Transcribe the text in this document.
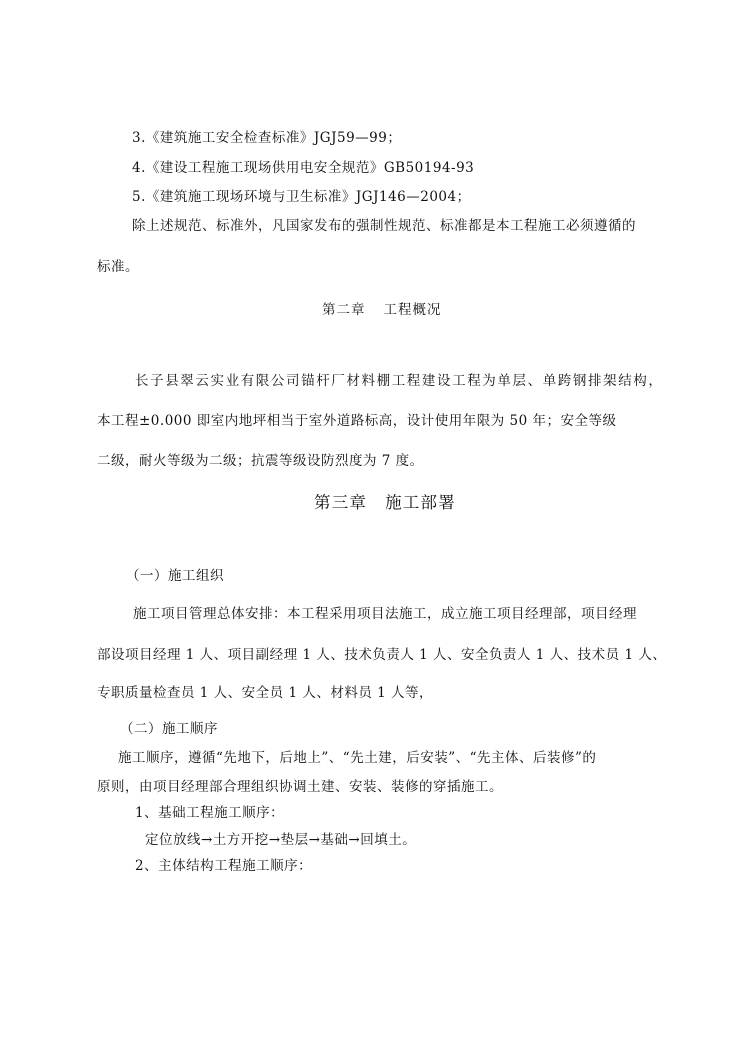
3.《建筑施工安全检查标准》JGJ59—99；
4.《建设工程施工现场供用电安全规范》GB50194-93
5.《建筑施工现场环境与卫生标准》JGJ146—2004；
除上述规范、标准外，凡国家发布的强制性规范、标准都是本工程施工必须遵循的
标准。
第二章 工程概况
长子县翠云实业有限公司锚杆厂材料棚工程建设工程为单层、单跨钢排架结构，
本工程±0.000 即室内地坪相当于室外道路标高，设计使用年限为 50 年；安全等级
二级，耐火等级为二级；抗震等级设防烈度为 7 度。
第三章 施工部署
（一）施工组织
施工项目管理总体安排：本工程采用项目法施工，成立施工项目经理部，项目经理
部设项目经理 1 人、项目副经理 1 人、技术负责人 1 人、安全负责人 1 人、技术员 1 人、
专职质量检查员 1 人、安全员 1 人、材料员 1 人等，
（二）施工顺序
施工顺序，遵循“先地下，后地上”、“先土建，后安装”、“先主体、后装修”的
原则，由项目经理部合理组织协调土建、安装、装修的穿插施工。
1、基础工程施工顺序：
定位放线→土方开挖→垫层→基础→回填土。
2、主体结构工程施工顺序：
